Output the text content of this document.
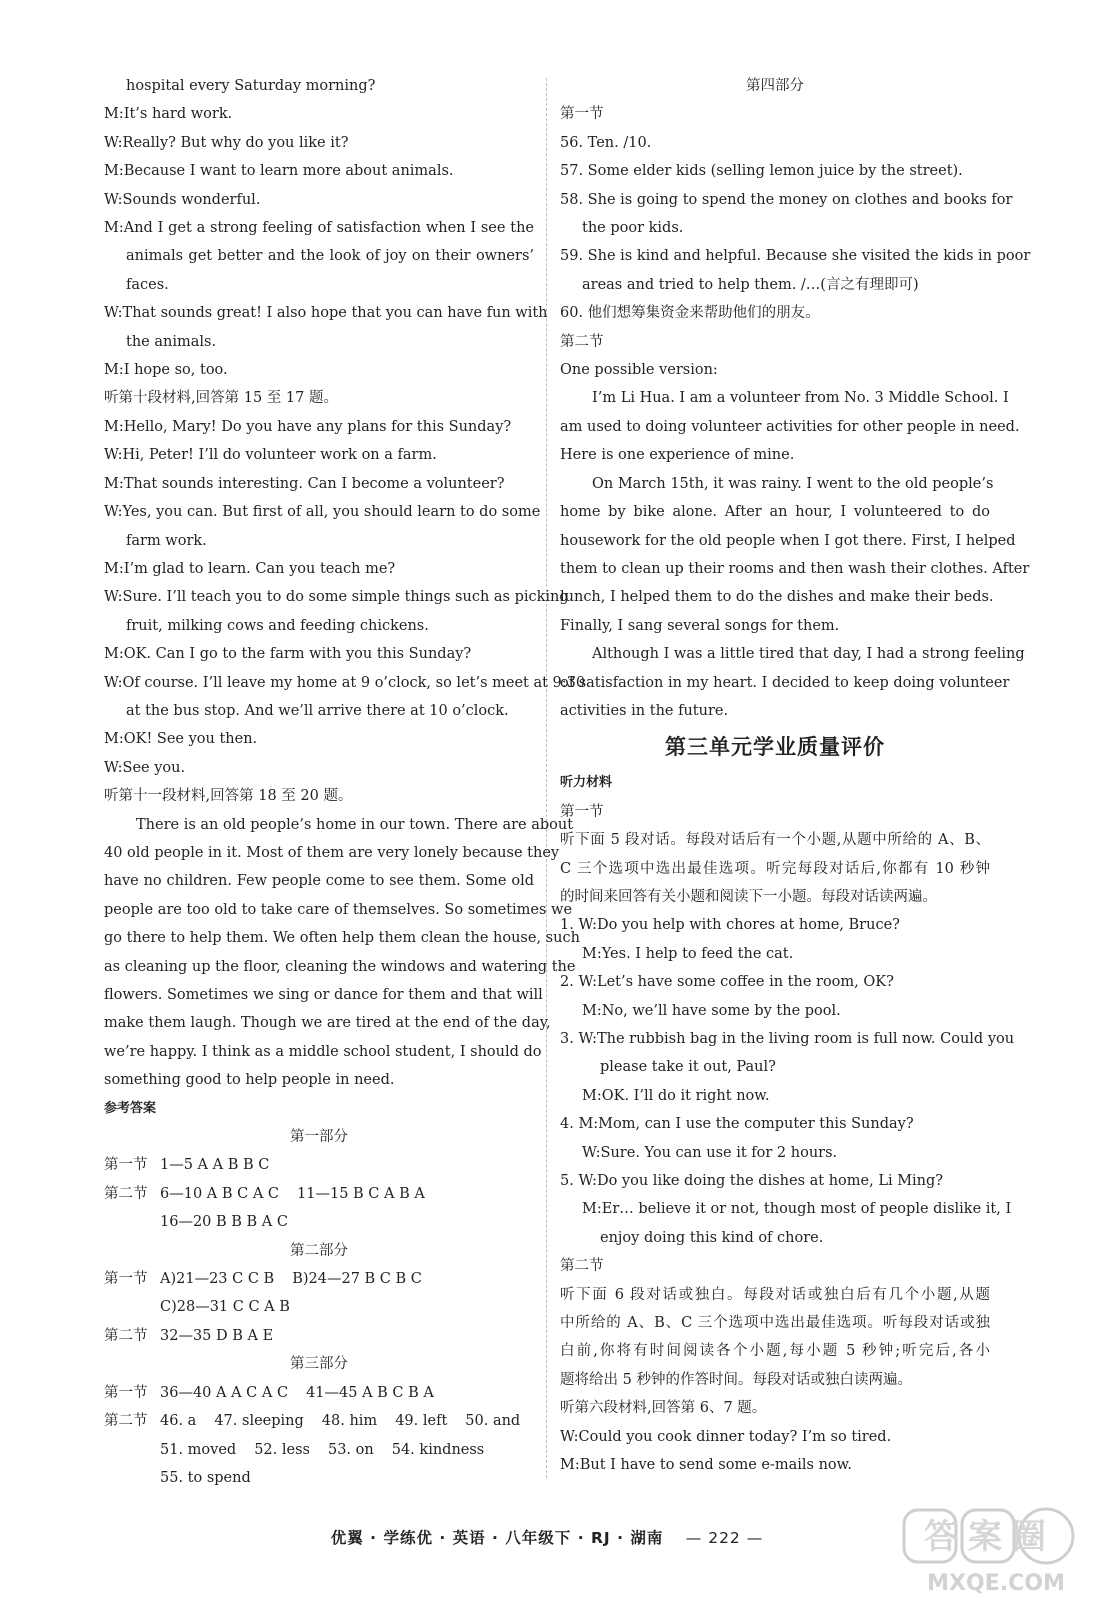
hospital every Saturday morning?
M:It’s hard work.
W:Really? But why do you like it?
M:Because I want to learn more about animals.
W:Sounds wonderful.
M:And I get a strong feeling of satisfaction when I see the
animals get better and the look of joy on their owners’
faces.
W:That sounds great! I also hope that you can have fun with
the animals.
M:I hope so, too.
听第十段材料,回答第 15 至 17 题。
M:Hello, Mary! Do you have any plans for this Sunday?
W:Hi, Peter! I’ll do volunteer work on a farm.
M:That sounds interesting. Can I become a volunteer?
W:Yes, you can. But first of all, you should learn to do some
farm work.
M:I’m glad to learn. Can you teach me?
W:Sure. I’ll teach you to do some simple things such as picking
fruit, milking cows and feeding chickens.
M:OK. Can I go to the farm with you this Sunday?
W:Of course. I’ll leave my home at 9 o’clock, so let’s meet at 9:30
at the bus stop. And we’ll arrive there at 10 o’clock.
M:OK! See you then.
W:See you.
听第十一段材料,回答第 18 至 20 题。
There is an old people’s home in our town. There are about
40 old people in it. Most of them are very lonely because they
have no children. Few people come to see them. Some old
people are too old to take care of themselves. So sometimes we
go there to help them. We often help them clean the house, such
as cleaning up the floor, cleaning the windows and watering the
flowers. Sometimes we sing or dance for them and that will
make them laugh. Though we are tired at the end of the day,
we’re happy. I think as a middle school student, I should do
something good to help people in need.
参考答案
第一部分
第一节 1—5 A A B B C
第二节 6—10 A B C A C 11—15 B C A B A
16—20 B B B A C
第二部分
第一节 A)21—23 C C B B)24—27 B C B C
C)28—31 C C A B
第二节 32—35 D B A E
第三部分
第一节 36—40 A A C A C 41—45 A B C B A
第二节 46. a 47. sleeping 48. him 49. left 50. and
51. moved 52. less 53. on 54. kindness
55. to spend
第四部分
第一节
56. Ten. /10.
57. Some elder kids (selling lemon juice by the street).
58. She is going to spend the money on clothes and books for
the poor kids.
59. She is kind and helpful. Because she visited the kids in poor
areas and tried to help them. /…(言之有理即可)
60. 他们想筹集资金来帮助他们的朋友。
第二节
One possible version:
I’m Li Hua. I am a volunteer from No. 3 Middle School. I
am used to doing volunteer activities for other people in need.
Here is one experience of mine.
On March 15th, it was rainy. I went to the old people’s
home by bike alone. After an hour, I volunteered to do
housework for the old people when I got there. First, I helped
them to clean up their rooms and then wash their clothes. After
lunch, I helped them to do the dishes and make their beds.
Finally, I sang several songs for them.
Although I was a little tired that day, I had a strong feeling
of satisfaction in my heart. I decided to keep doing volunteer
activities in the future.
第三单元学业质量评价
听力材料
第一节
听下面 5 段对话。每段对话后有一个小题,从题中所给的 A、B、
C 三个选项中选出最佳选项。听完每段对话后,你都有 10 秒钟
的时间来回答有关小题和阅读下一小题。每段对话读两遍。
1. W:Do you help with chores at home, Bruce?
M:Yes. I help to feed the cat.
2. W:Let’s have some coffee in the room, OK?
M:No, we’ll have some by the pool.
3. W:The rubbish bag in the living room is full now. Could you
please take it out, Paul?
M:OK. I’ll do it right now.
4. M:Mom, can I use the computer this Sunday?
W:Sure. You can use it for 2 hours.
5. W:Do you like doing the dishes at home, Li Ming?
M:Er… believe it or not, though most of people dislike it, I
enjoy doing this kind of chore.
第二节
听下面 6 段对话或独白。每段对话或独白后有几个小题,从题
中所给的 A、B、C 三个选项中选出最佳选项。听每段对话或独
白前,你将有时间阅读各个小题,每小题 5 秒钟;听完后,各小
题将给出 5 秒钟的作答时间。每段对话或独白读两遍。
听第六段材料,回答第 6、7 题。
W:Could you cook dinner today? I’m so tired.
M:But I have to send some e-mails now.
优翼 · 学练优 · 英语 · 八年级下 · RJ · 湖南 — 222 —	答案圈
MXQE.COM
